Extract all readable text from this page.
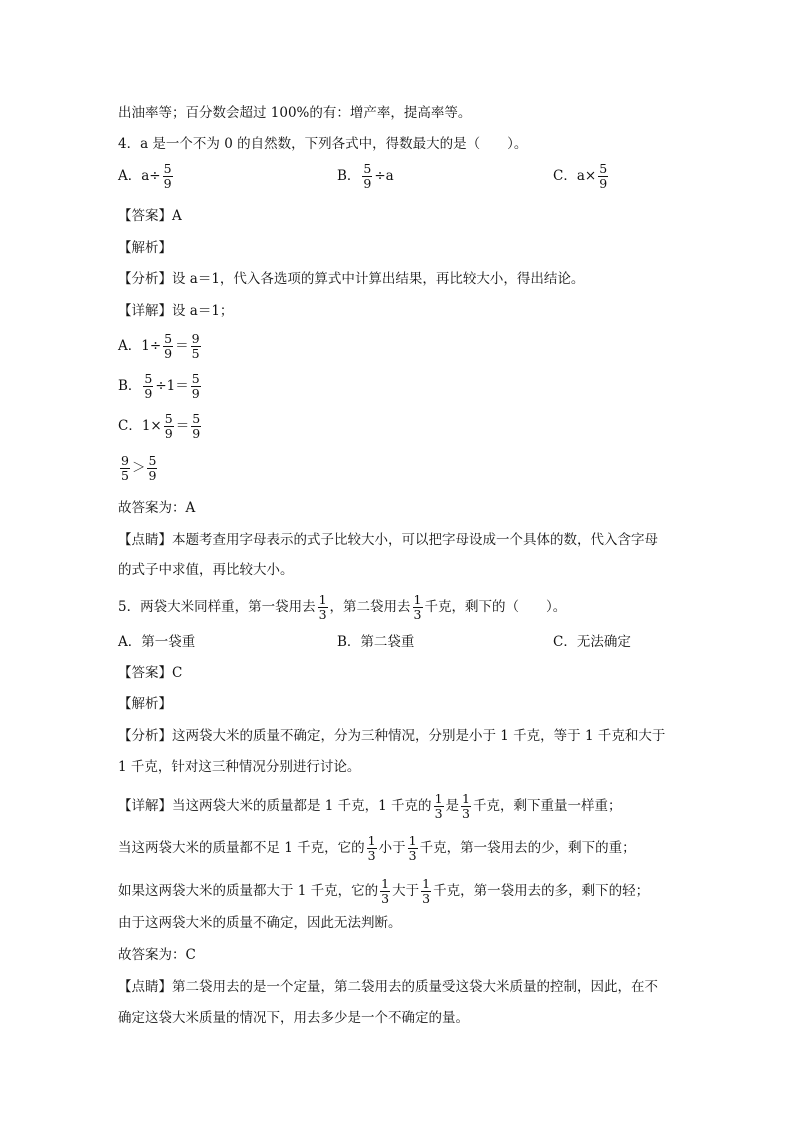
出油率等；百分数会超过 100%的有：增产率，提高率等。
4．a 是一个不为 0 的自然数，下列各式中，得数最大的是（　　）。
A．$a\div \frac{5}{9}$	B． $\frac{5}{9} \div a$	C．$a\times \frac{5}{9}$
【答案】A
【解析】
【分析】设 a＝1，代入各选项的算式中计算出结果，再比较大小，得出结论。
【详解】设 a＝1；
A．$1\div \frac{5}{9} = \frac{9}{5}$
B． $\frac{5}{9} \div 1= \frac{5}{9}$
C．$1\times \frac{5}{9} = \frac{5}{9}$
$\frac{9}{5} > \frac{5}{9}$
故答案为：A
【点睛】本题考查用字母表示的式子比较大小，可以把字母设成一个具体的数，代入含字母
的式子中求值，再比较大小。
5．两袋大米同样重，第一袋用去 $\frac{1}{3}$ ，第二袋用去 $\frac{1}{3}$ 千克，剩下的（　　）。
A．第一袋重	B．第二袋重	C．无法确定
【答案】C
【解析】
【分析】这两袋大米的质量不确定，分为三种情况，分别是小于 1 千克，等于 1 千克和大于
1 千克，针对这三种情况分别进行讨论。
【详解】当这两袋大米的质量都是 1 千克，1 千克的 $\frac{1}{3}$ 是 $\frac{1}{3}$ 千克，剩下重量一样重；
当这两袋大米的质量都不足 1 千克，它的 $\frac{1}{3}$ 小于 $\frac{1}{3}$ 千克，第一袋用去的少，剩下的重；
如果这两袋大米的质量都大于 1 千克，它的 $\frac{1}{3}$ 大于 $\frac{1}{3}$ 千克，第一袋用去的多，剩下的轻；
由于这两袋大米的质量不确定，因此无法判断。
故答案为：C
【点睛】第二袋用去的是一个定量，第二袋用去的质量受这袋大米质量的控制，因此，在不
确定这袋大米质量的情况下，用去多少是一个不确定的量。
